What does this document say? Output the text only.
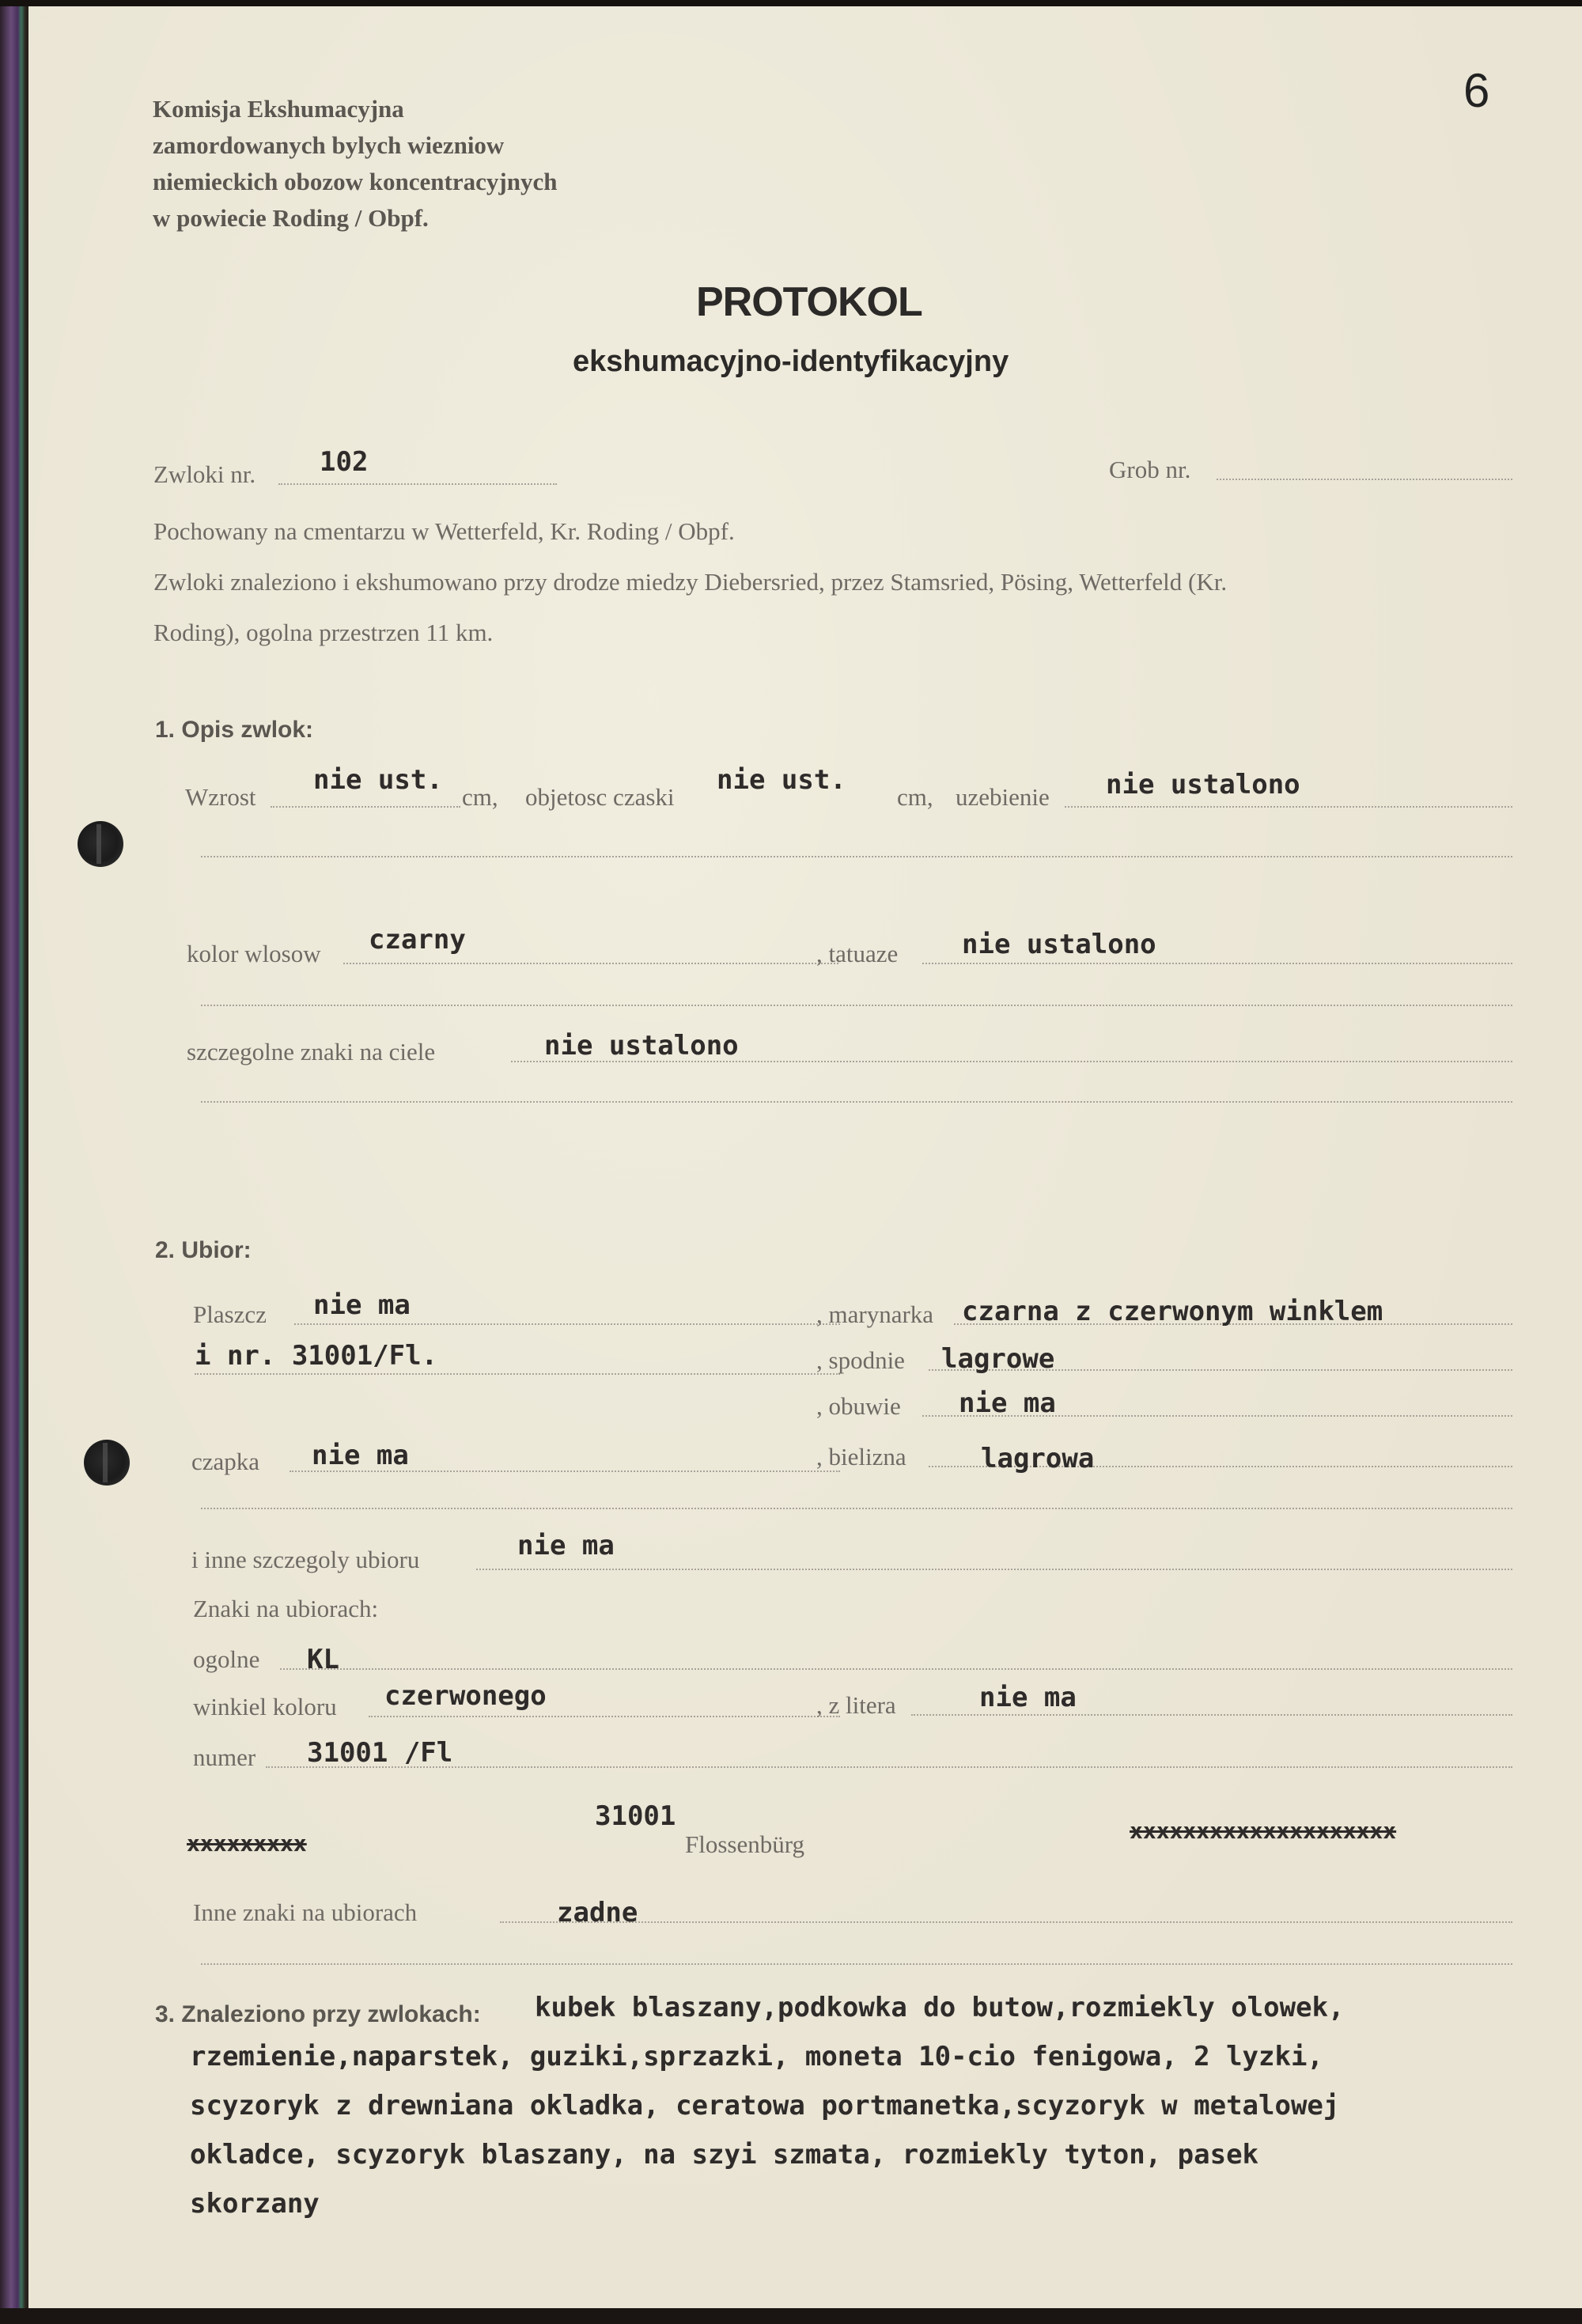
6
Komisja Ekshumacyjna
zamordowanych bylych wiezniow
niemieckich obozow koncentracyjnych
w powiecie Roding / Obpf.
PROTOKOL
ekshumacyjno-identyfikacyjny
Zwloki nr. 102	Grob nr.
Pochowany na cmentarzu w Wetterfeld, Kr. Roding / Obpf.
Zwloki znaleziono i ekshumowano przy drodze miedzy Diebersried, przez Stamsried, Pösing, Wetterfeld (Kr.
Roding), ogolna przestrzen 11 km.
1. Opis zwlok:
Wzrost
nie ust.
cm, objetosc czaski
nie ust.
cm, uzebienie nie ustalono
kolor wlosow czarny	, tatuaze nie ustalono
szczegolne znaki na ciele	nie ustalono
2. Ubior:
Plaszcz nie ma	, marynarka czarna z czerwonym winklem
i nr. 31001/Fl.	, spodnie lagrowe
, obuwie nie ma
czapka nie ma	, bielizna	lagrowa
i inne szczegoly ubioru	nie ma
Znaki na ubiorach:
ogolne KL
winkiel koloru czerwonego	, z litera	nie ma
numer 31001 /Fl
xxxxxxxxx
31001
Flossenbürg	xxxxxxxxxxxxxxxxxxxx
Inne znaki na ubiorach	zadne
3. Znaleziono przy zwlokach: kubek blaszany,podkowka do butow,rozmiekly olowek,
rzemienie,naparstek, guziki,sprzazki, moneta 10-cio fenigowa, 2 lyzki,
scyzoryk z drewniana okladka, ceratowa portmanetka,scyzoryk w metalowej
okladce, scyzoryk blaszany, na szyi szmata, rozmiekly tyton, pasek
skorzany
